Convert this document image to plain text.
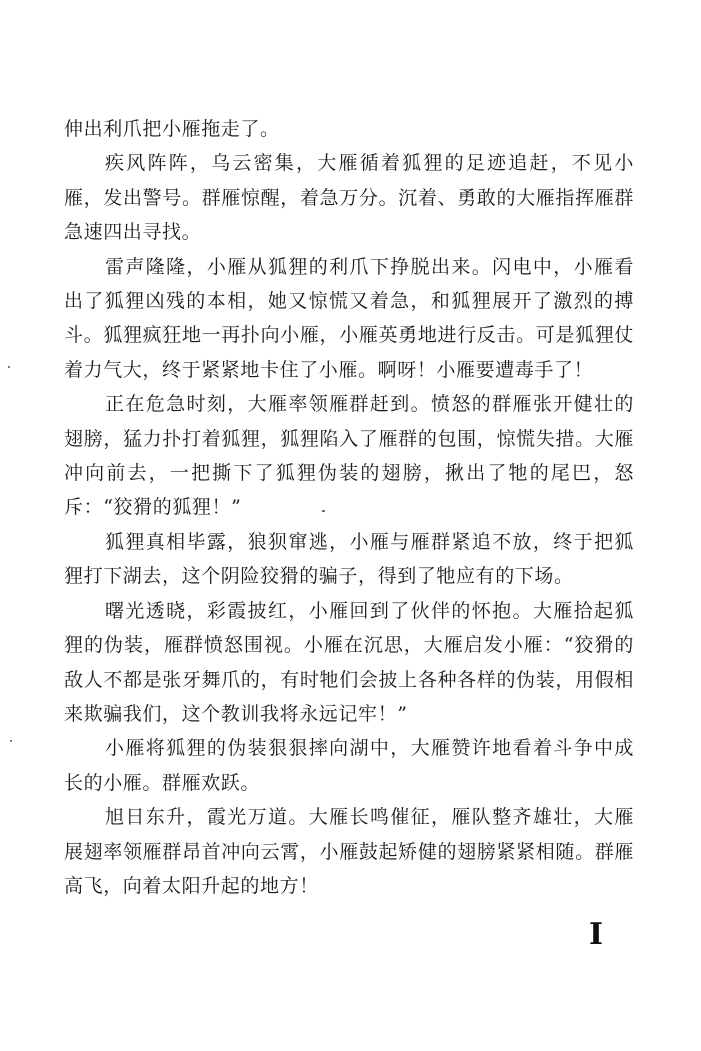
伸出利爪把小雁拖走了。

疾风阵阵，乌云密集，大雁循着狐狸的足迹追赶，不见小雁，发出警号。群雁惊醒，着急万分。沉着、勇敢的大雁指挥雁群急速四出寻找。

雷声隆隆，小雁从狐狸的利爪下挣脱出来。闪电中，小雁看出了狐狸凶残的本相，她又惊慌又着急，和狐狸展开了激烈的搏斗。狐狸疯狂地一再扑向小雁，小雁英勇地进行反击。可是狐狸仗着力气大，终于紧紧地卡住了小雁。啊呀！小雁要遭毒手了！

正在危急时刻，大雁率领雁群赶到。愤怒的群雁张开健壮的翅膀，猛力扑打着狐狸，狐狸陷入了雁群的包围，惊慌失措。大雁冲向前去，一把撕下了狐狸伪装的翅膀，揪出了牠的尾巴，怒斥：“狡猾的狐狸！”

狐狸真相毕露，狼狈窜逃，小雁与雁群紧追不放，终于把狐狸打下湖去，这个阴险狡猾的骗子，得到了牠应有的下场。

曙光透晓，彩霞披红，小雁回到了伙伴的怀抱。大雁拾起狐狸的伪装，雁群愤怒围视。小雁在沉思，大雁启发小雁：“狡猾的敌人不都是张牙舞爪的，有时牠们会披上各种各样的伪装，用假相来欺骗我们，这个教训我将永远记牢！”

小雁将狐狸的伪装狠狠摔向湖中，大雁赞许地看着斗争中成长的小雁。群雁欢跃。

旭日东升，霞光万道。大雁长鸣催征，雁队整齐雄壮，大雁展翅率领雁群昂首冲向云霄，小雁鼓起矫健的翅膀紧紧相随。群雁高飞，向着太阳升起的地方！

I
